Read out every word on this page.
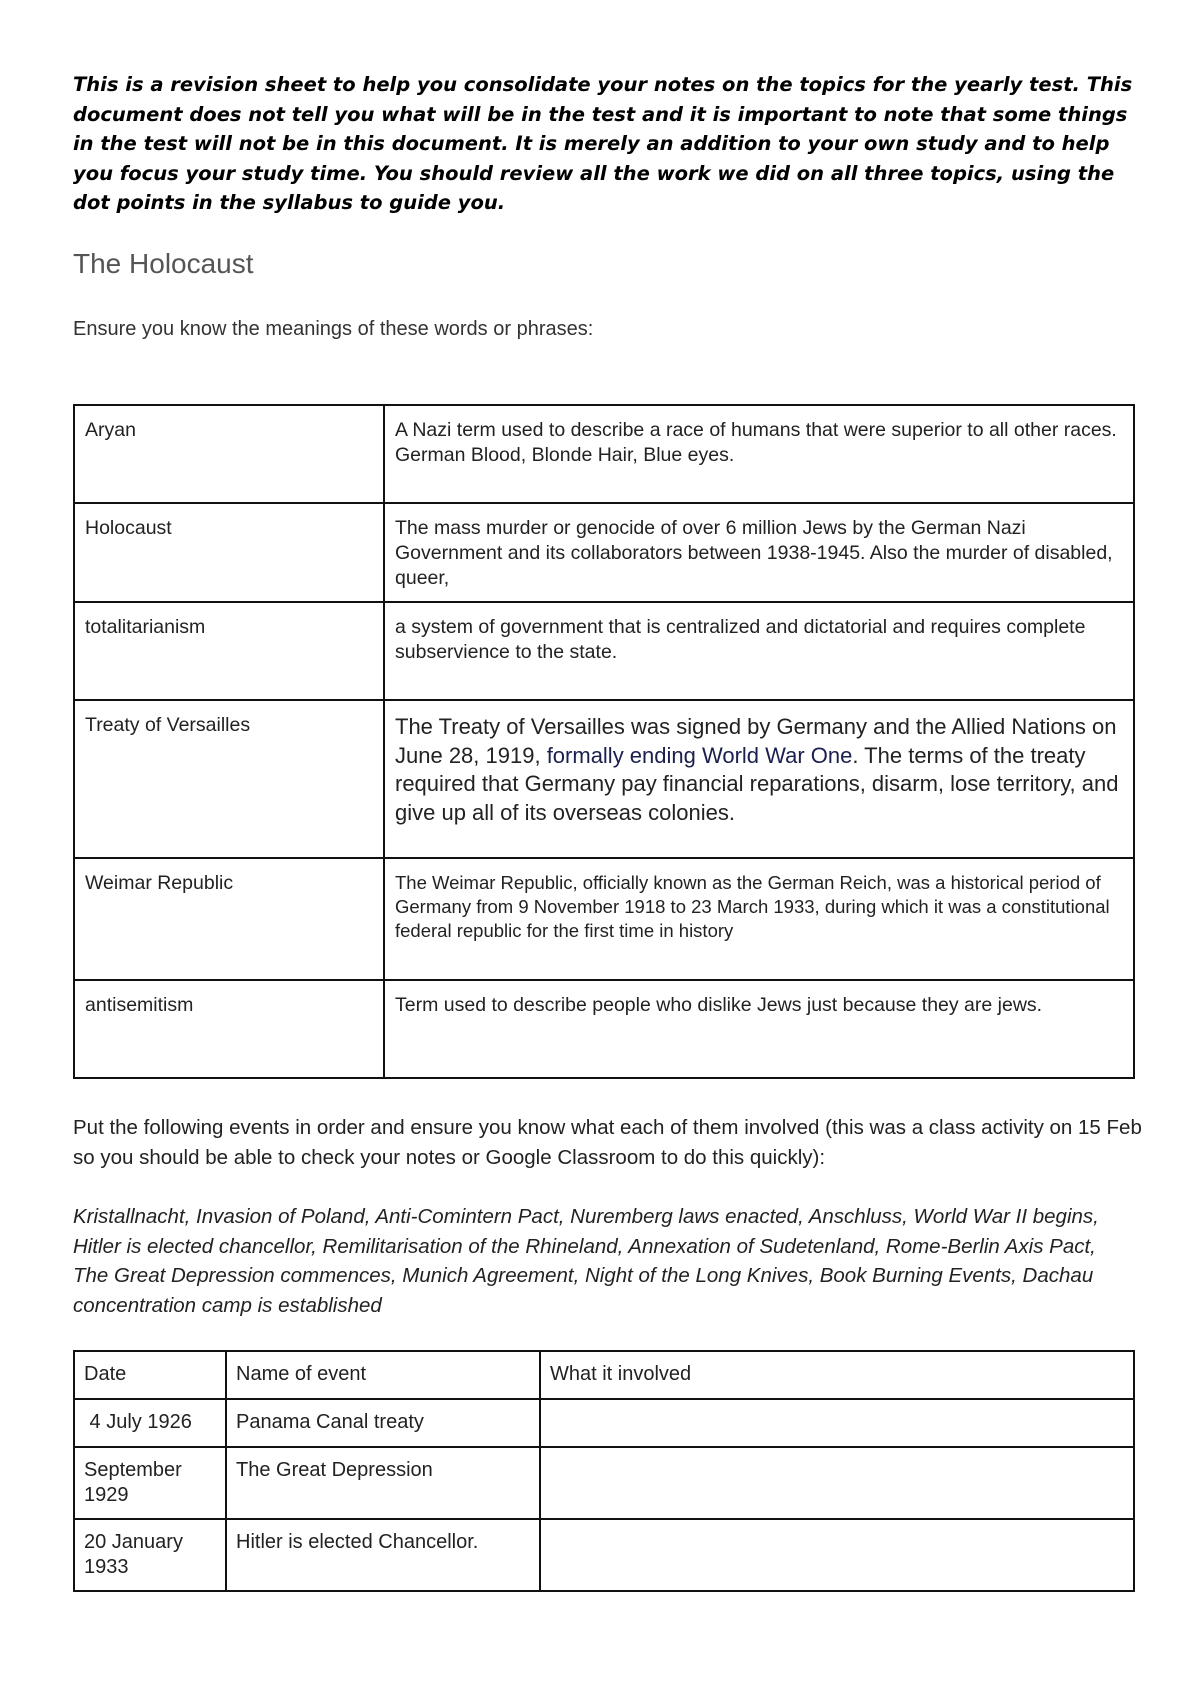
This is a revision sheet to help you consolidate your notes on the topics for the yearly test. This document does not tell you what will be in the test and it is important to note that some things in the test will not be in this document. It is merely an addition to your own study and to help you focus your study time. You should review all the work we did on all three topics, using the dot points in the syllabus to guide you.

The Holocaust

Ensure you know the meanings of these words or phrases:

Aryan	A Nazi term used to describe a race of humans that were superior to all other races. German Blood, Blonde Hair, Blue eyes.
Holocaust	The mass murder or genocide of over 6 million Jews by the German Nazi Government and its collaborators between 1938-1945. Also the murder of disabled, queer,
totalitarianism	a system of government that is centralized and dictatorial and requires complete subservience to the state.
Treaty of Versailles	The Treaty of Versailles was signed by Germany and the Allied Nations on June 28, 1919, formally ending World War One. The terms of the treaty required that Germany pay financial reparations, disarm, lose territory, and give up all of its overseas colonies.
Weimar Republic	The Weimar Republic, officially known as the German Reich, was a historical period of Germany from 9 November 1918 to 23 March 1933, during which it was a constitutional federal republic for the first time in history
antisemitism	Term used to describe people who dislike Jews just because they are jews.

Put the following events in order and ensure you know what each of them involved (this was a class activity on 15 Feb so you should be able to check your notes or Google Classroom to do this quickly):

Kristallnacht, Invasion of Poland, Anti-Comintern Pact, Nuremberg laws enacted, Anschluss, World War II begins, Hitler is elected chancellor, Remilitarisation of the Rhineland, Annexation of Sudetenland, Rome-Berlin Axis Pact, The Great Depression commences, Munich Agreement, Night of the Long Knives, Book Burning Events, Dachau concentration camp is established

Date	Name of event	What it involved
4 July 1926	Panama Canal treaty	
September 1929	The Great Depression	
20 January 1933	Hitler is elected Chancellor.	
